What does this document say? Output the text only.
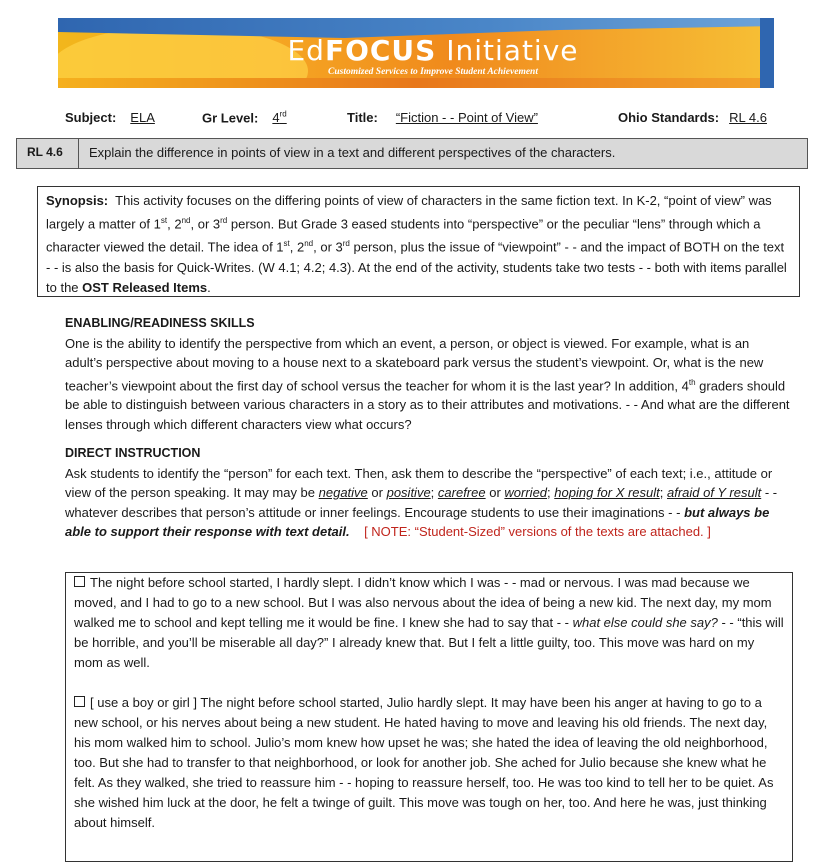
EdFOCUS Initiative
Customized Services to Improve Student Achievement
Subject: ELA	Gr Level: 4rd	Title: “Fiction - - Point of View”	Ohio Standards: RL 4.6
RL 4.6	Explain the difference in points of view in a text and different perspectives of the characters.
Synopsis: This activity focuses on the differing points of view of characters in the same fiction text. In K-2, “point of view” was largely a matter of 1st, 2nd, or 3rd person. But Grade 3 eased students into “perspective” or the peculiar “lens” through which a character viewed the detail. The idea of 1st, 2nd, or 3rd person, plus the issue of “viewpoint” - - and the impact of BOTH on the text - - is also the basis for Quick-Writes. (W 4.1; 4.2; 4.3). At the end of the activity, students take two tests - - both with items parallel to the OST Released Items.
ENABLING/READINESS SKILLS

One is the ability to identify the perspective from which an event, a person, or object is viewed. For example, what is an adult’s perspective about moving to a house next to a skateboard park versus the student’s viewpoint. Or, what is the new teacher’s viewpoint about the first day of school versus the teacher for whom it is the last year? In addition, 4th graders should be able to distinguish between various characters in a story as to their attributes and motivations. - - And what are the different lenses through which different characters view what occurs?

DIRECT INSTRUCTION

Ask students to identify the “person” for each text. Then, ask them to describe the “perspective” of each text; i.e., attitude or view of the person speaking. It may may be negative or positive; carefree or worried; hoping for X result; afraid of Y result - - whatever describes that person’s attitude or inner feelings. Encourage students to use their imaginations - - but always be able to support their response with text detail. [ NOTE: “Student-Sized” versions of the texts are attached. ]

The night before school started, I hardly slept. I didn’t know which I was - - mad or nervous. I was mad because we moved, and I had to go to a new school. But I was also nervous about the idea of being a new kid. The next day, my mom walked me to school and kept telling me it would be fine. I knew she had to say that - - what else could she say? - - “this will be horrible, and you’ll be miserable all day?” I already knew that. But I felt a little guilty, too. This move was hard on my mom as well.

[ use a boy or girl ] The night before school started, Julio hardly slept. It may have been his anger at having to go to a new school, or his nerves about being a new student. He hated having to move and leaving his old friends. The next day, his mom walked him to school. Julio’s mom knew how upset he was; she hated the idea of leaving the old neighborhood, too. But she had to transfer to that neighborhood, or look for another job. She ached for Julio because she knew what he felt. As they walked, she tried to reassure him - - hoping to reassure herself, too. He was too kind to tell her to be quiet. As she wished him luck at the door, he felt a twinge of guilt. This move was tough on her, too. And here he was, just thinking about himself.
